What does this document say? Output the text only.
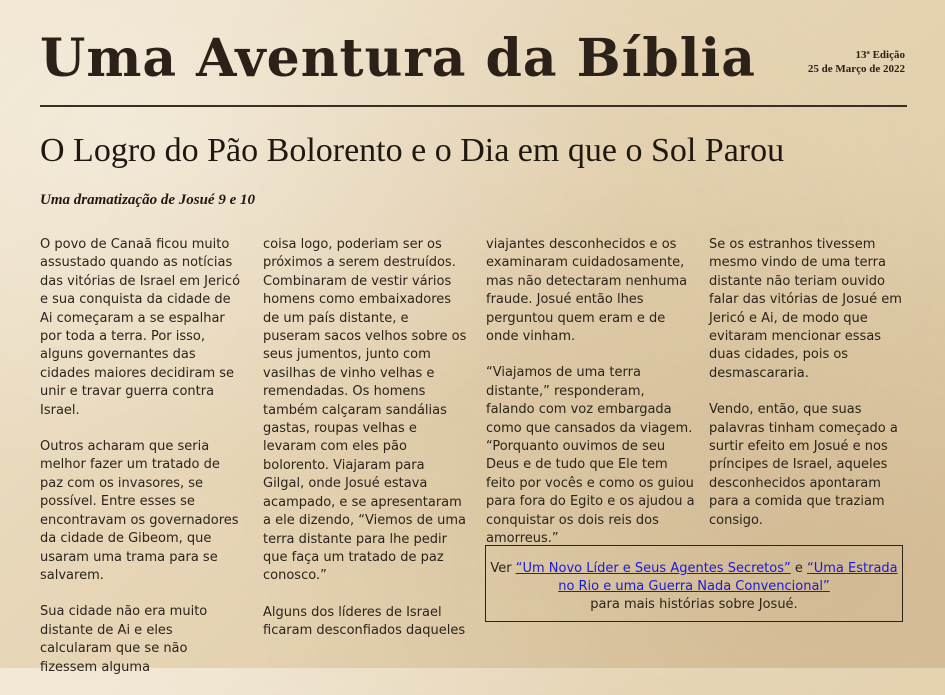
Uma Aventura da Bíblia	13ª Edição
25 de Março de 2022
O Logro do Pão Bolorento e o Dia em que o Sol Parou
Uma dramatização de Josué 9 e 10

O povo de Canaã ficou muito assustado quando as notícias das vitórias de Israel em Jericó e sua conquista da cidade de Ai começaram a se espalhar por toda a terra. Por isso, alguns governantes das cidades maiores decidiram se unir e travar guerra contra Israel.

Outros acharam que seria melhor fazer um tratado de paz com os invasores, se possível. Entre esses se encontravam os governadores da cidade de Gibeom, que usaram uma trama para se salvarem.

Sua cidade não era muito distante de Ai e eles calcularam que se não fizessem alguma

coisa logo, poderiam ser os próximos a serem destruídos. Combinaram de vestir vários homens como embaixadores de um país distante, e puseram sacos velhos sobre os seus jumentos, junto com vasilhas de vinho velhas e remendadas. Os homens também calçaram sandálias gastas, roupas velhas e levaram com eles pão bolorento. Viajaram para Gilgal, onde Josué estava acampado, e se apresentaram a ele dizendo, “Viemos de uma terra distante para lhe pedir que faça um tratado de paz conosco.”

Alguns dos líderes de Israel ficaram desconfiados daqueles

viajantes desconhecidos e os examinaram cuidadosamente, mas não detectaram nenhuma fraude. Josué então lhes perguntou quem eram e de onde vinham.

“Viajamos de uma terra distante,” responderam, falando com voz embargada como que cansados da viagem. “Porquanto ouvimos de seu Deus e de tudo que Ele tem feito por vocês e como os guiou para fora do Egito e os ajudou a conquistar os dois reis dos amorreus.”

Se os estranhos tivessem mesmo vindo de uma terra distante não teriam ouvido falar das vitórias de Josué em Jericó e Ai, de modo que evitaram mencionar essas duas cidades, pois os desmascararia.

Vendo, então, que suas palavras tinham começado a surtir efeito em Josué e nos príncipes de Israel, aqueles desconhecidos apontaram para a comida que traziam consigo.

Ver “Um Novo Líder e Seus Agentes Secretos” e “Uma Estrada no Rio e uma Guerra Nada Convencional”
para mais histórias sobre Josué.
